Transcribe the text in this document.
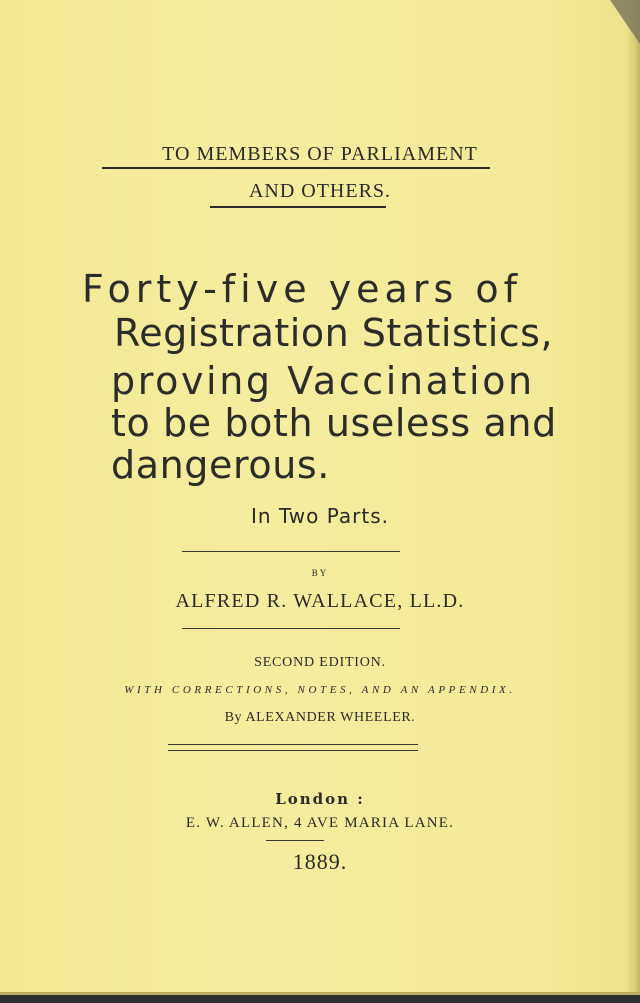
TO MEMBERS OF PARLIAMENT
AND OTHERS.
Forty-five years of
Registration Statistics,
proving Vaccination
to be both useless and
dangerous.
In Two Parts.
BY
ALFRED R. WALLACE, LL.D.
SECOND EDITION.
WITH CORRECTIONS, NOTES, AND AN APPENDIX.
By ALEXANDER WHEELER.
London :
E. W. ALLEN, 4 AVE MARIA LANE.
1889.
